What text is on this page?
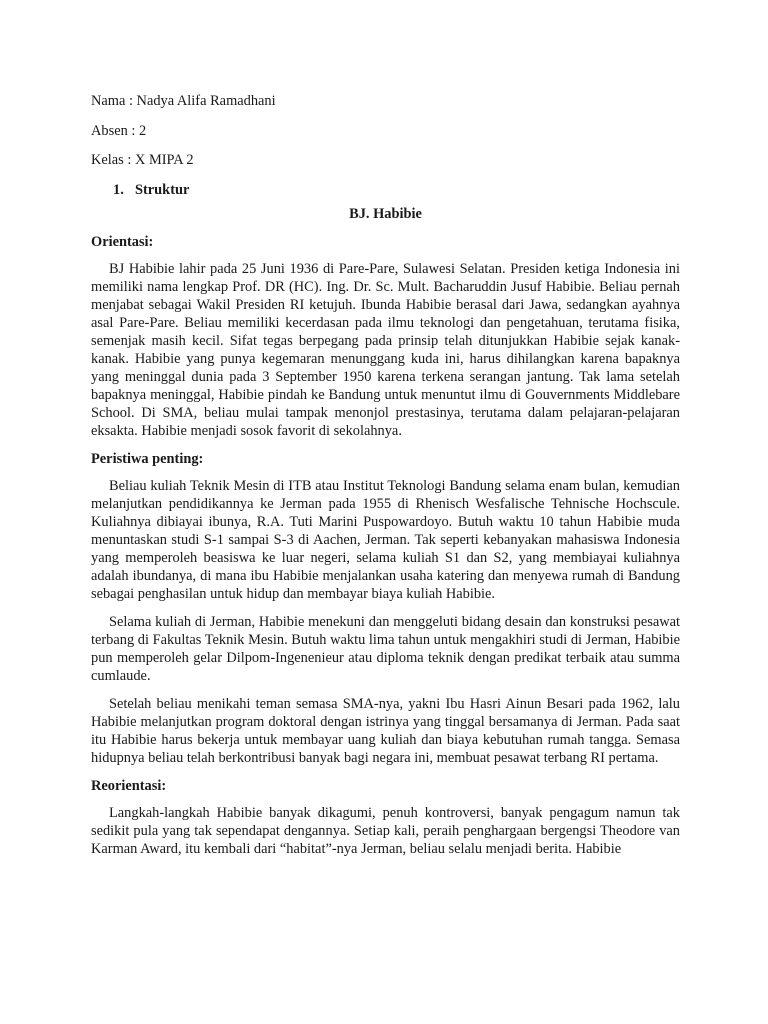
Nama : Nadya Alifa Ramadhani

Absen : 2

Kelas : X MIPA 2

1. Struktur

BJ. Habibie

Orientasi:

BJ Habibie lahir pada 25 Juni 1936 di Pare-Pare, Sulawesi Selatan. Presiden ketiga Indonesia ini memiliki nama lengkap Prof. DR (HC). Ing. Dr. Sc. Mult. Bacharuddin Jusuf Habibie. Beliau pernah menjabat sebagai Wakil Presiden RI ketujuh. Ibunda Habibie berasal dari Jawa, sedangkan ayahnya asal Pare-Pare. Beliau memiliki kecerdasan pada ilmu teknologi dan pengetahuan, terutama fisika, semenjak masih kecil. Sifat tegas berpegang pada prinsip telah ditunjukkan Habibie sejak kanak-kanak. Habibie yang punya kegemaran menunggang kuda ini, harus dihilangkan karena bapaknya yang meninggal dunia pada 3 September 1950 karena terkena serangan jantung. Tak lama setelah bapaknya meninggal, Habibie pindah ke Bandung untuk menuntut ilmu di Gouvernments Middlebare School. Di SMA, beliau mulai tampak menonjol prestasinya, terutama dalam pelajaran-pelajaran eksakta. Habibie menjadi sosok favorit di sekolahnya.

Peristiwa penting:

Beliau kuliah Teknik Mesin di ITB atau Institut Teknologi Bandung selama enam bulan, kemudian melanjutkan pendidikannya ke Jerman pada 1955 di Rhenisch Wesfalische Tehnische Hochscule. Kuliahnya dibiayai ibunya, R.A. Tuti Marini Puspowardoyo. Butuh waktu 10 tahun Habibie muda menuntaskan studi S-1 sampai S-3 di Aachen, Jerman. Tak seperti kebanyakan mahasiswa Indonesia yang memperoleh beasiswa ke luar negeri, selama kuliah S1 dan S2, yang membiayai kuliahnya adalah ibundanya, di mana ibu Habibie menjalankan usaha katering dan menyewa rumah di Bandung sebagai penghasilan untuk hidup dan membayar biaya kuliah Habibie.

Selama kuliah di Jerman, Habibie menekuni dan menggeluti bidang desain dan konstruksi pesawat terbang di Fakultas Teknik Mesin. Butuh waktu lima tahun untuk mengakhiri studi di Jerman, Habibie pun memperoleh gelar Dilpom-Ingenenieur atau diploma teknik dengan predikat terbaik atau summa cumlaude.

Setelah beliau menikahi teman semasa SMA-nya, yakni Ibu Hasri Ainun Besari pada 1962, lalu Habibie melanjutkan program doktoral dengan istrinya yang tinggal bersamanya di Jerman. Pada saat itu Habibie harus bekerja untuk membayar uang kuliah dan biaya kebutuhan rumah tangga. Semasa hidupnya beliau telah berkontribusi banyak bagi negara ini, membuat pesawat terbang RI pertama.

Reorientasi:

Langkah-langkah Habibie banyak dikagumi, penuh kontroversi, banyak pengagum namun tak sedikit pula yang tak sependapat dengannya. Setiap kali, peraih penghargaan bergengsi Theodore van Karman Award, itu kembali dari “habitat”-nya Jerman, beliau selalu menjadi berita. Habibie
